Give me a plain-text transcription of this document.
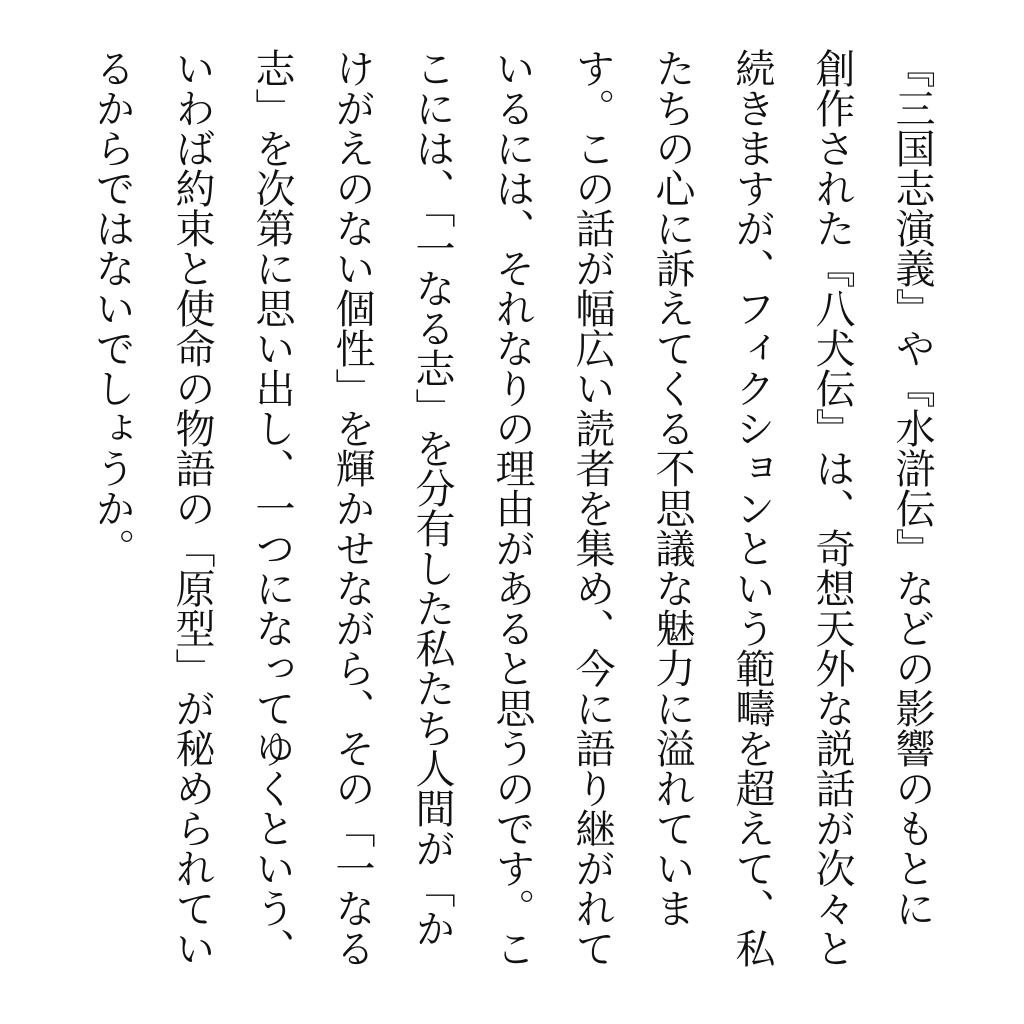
『三国志演義』や『水滸伝』などの影響のもとに
創作された『八犬伝』は、奇想天外な説話が次々と
続きますが、フィクションという範疇を超えて、私
たちの心に訴えてくる不思議な魅力に溢れていま
す。この話が幅広い読者を集め、今に語り継がれて
いるには、それなりの理由があると思うのです。こ
こには、「一なる志」を分有した私たち人間が「か
けがえのない個性」を輝かせながら、その「一なる
志」を次第に思い出し、一つになってゆくという、
いわば約束と使命の物語の「原型」が秘められてい
るからではないでしょうか。
